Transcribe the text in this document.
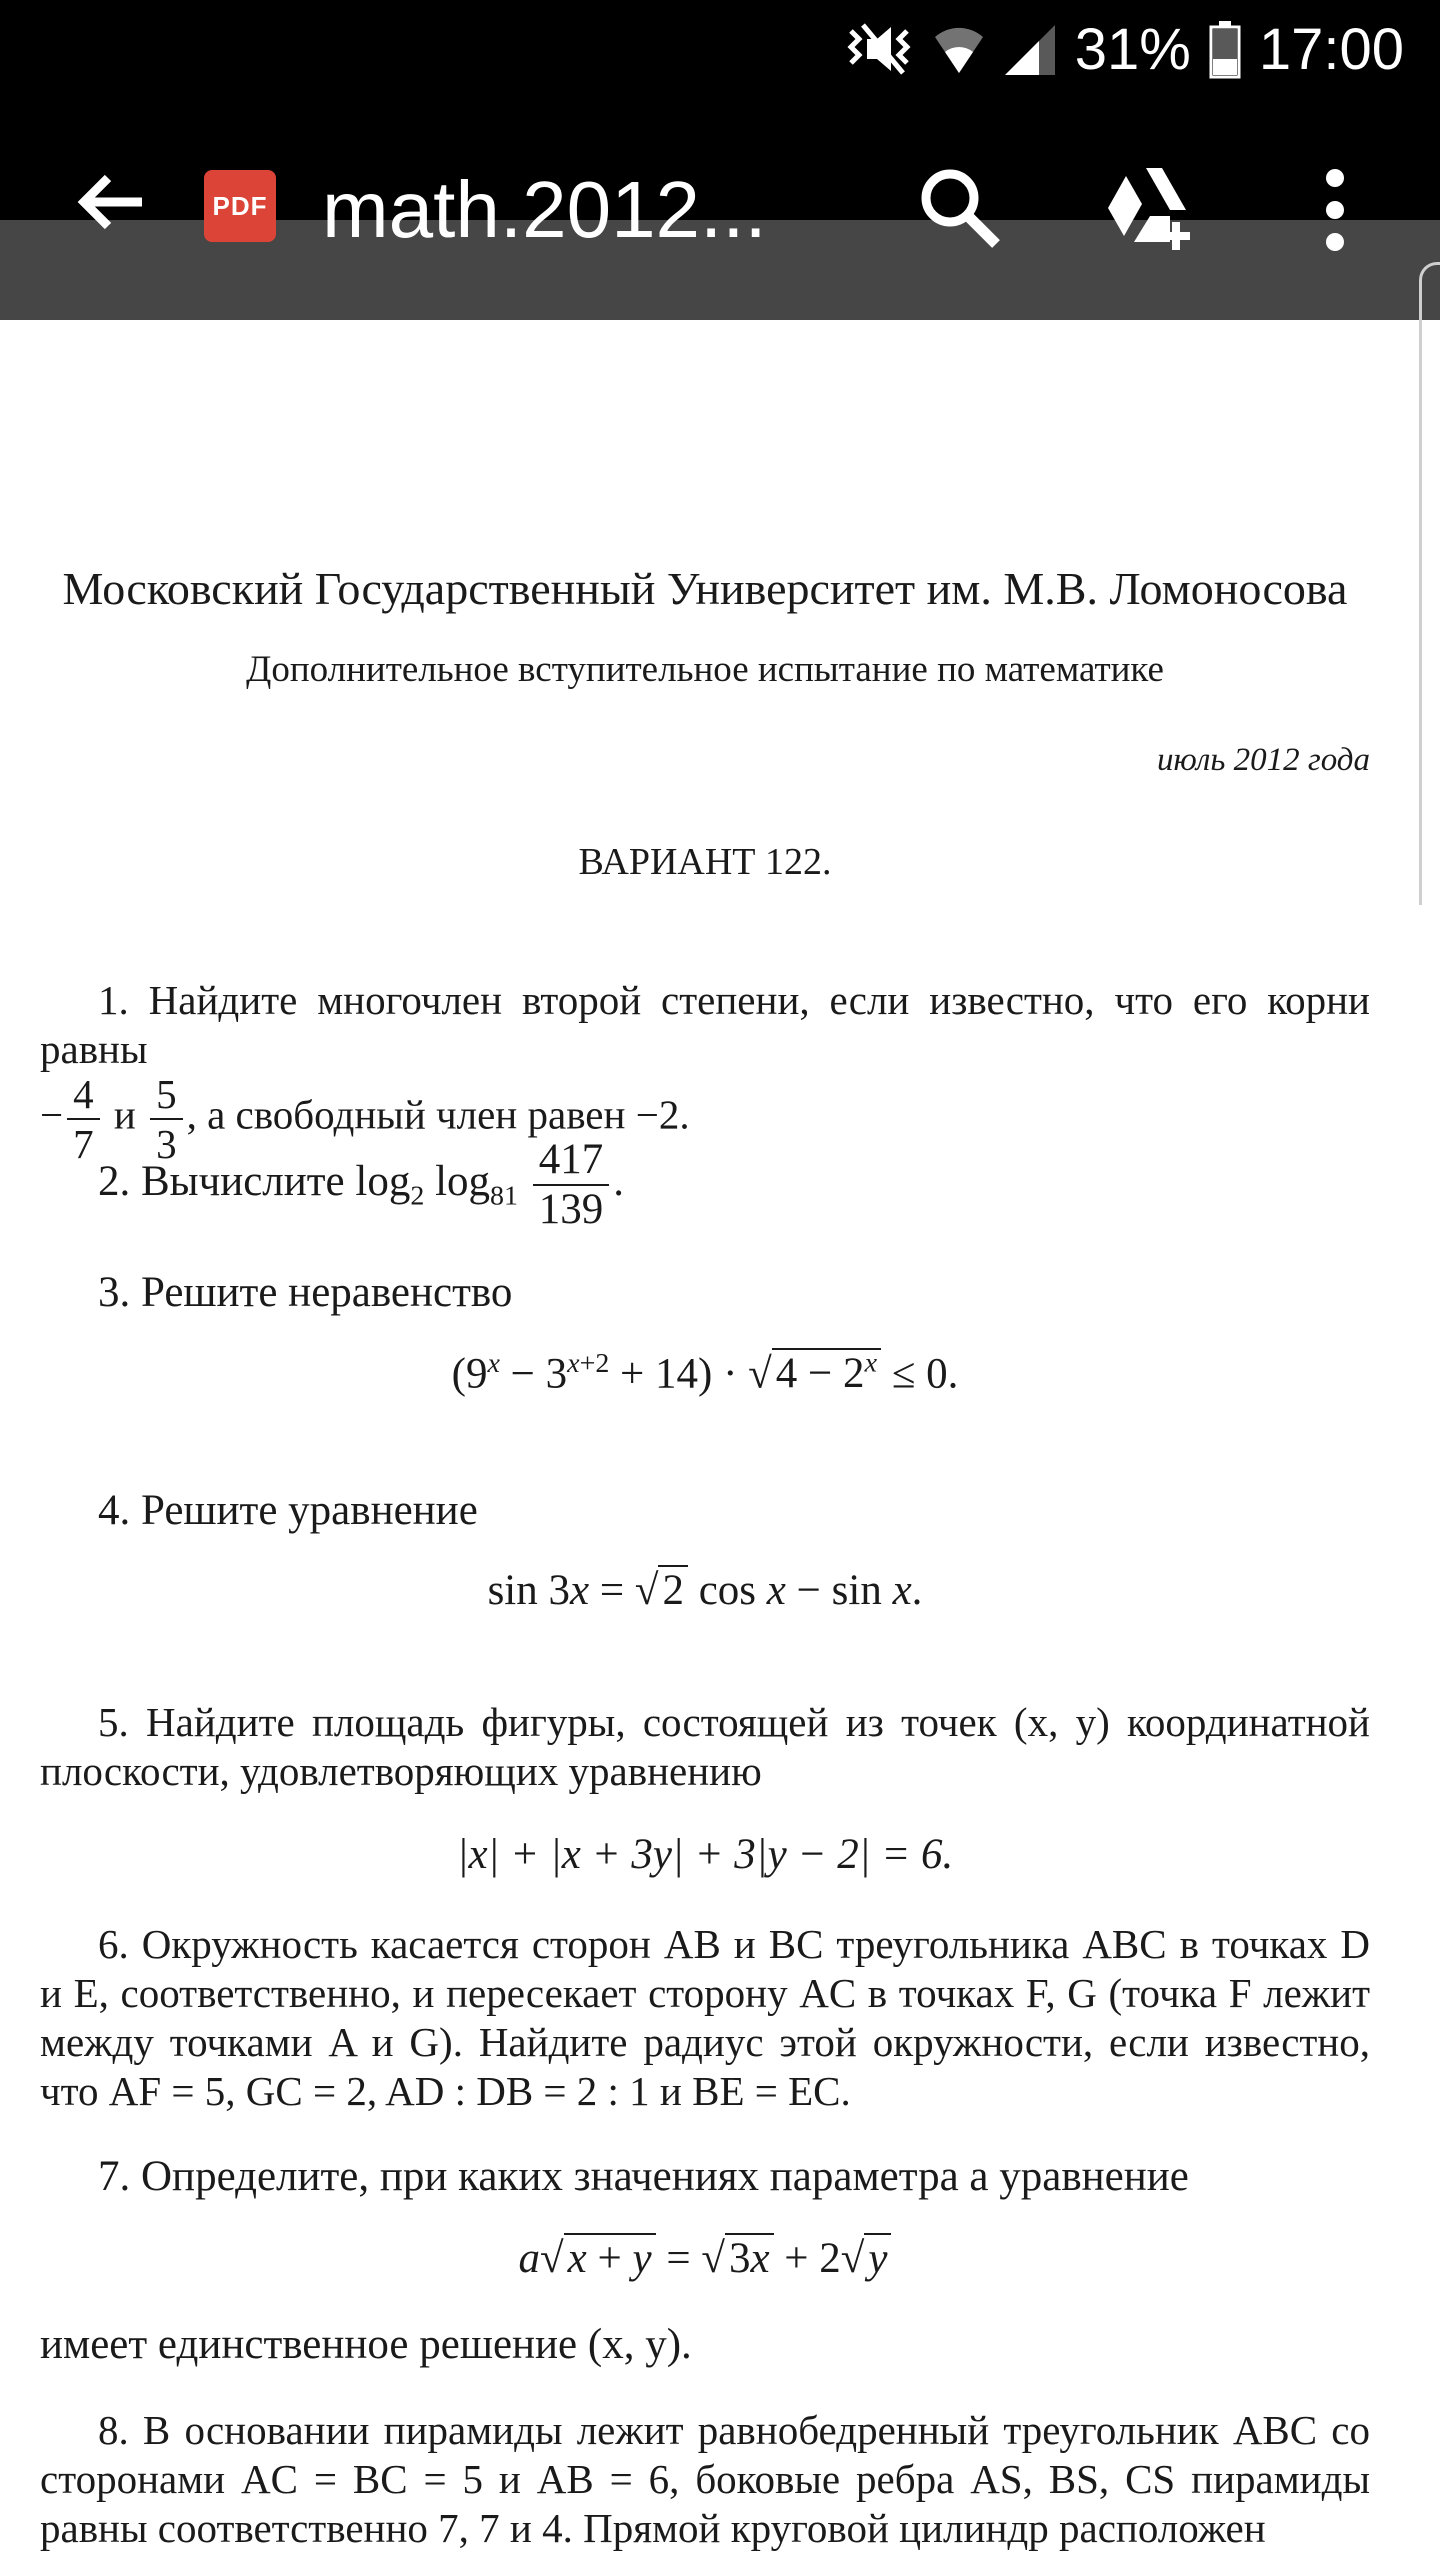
31% 17:00
PDF math.2012...
Московский Государственный Университет им. М.В. Ломоносова
Дополнительное вступительное испытание по математике
июль 2012 года
ВАРИАНТ 122.
1. Найдите многочлен второй степени, если известно, что его корни равны
− $\frac{4}{7}$ и $\frac{5}{3}$ , а свободный член равен −2.
2. Вычислите $\log_2 \log_{81} \frac{417}{139}$ .
3. Решите неравенство
$(9^x - 3^{x+2} + 14) \cdot √4 - 2^x \le 0$.
4. Решите уравнение
sin 3x = √2 cos x − sin x.
5. Найдите площадь фигуры, состоящей из точек (x, y) координатной плоскости, удовлетворяющих уравнению
|x| + |x + 3y| + 3|y − 2| = 6.
6. Окружность касается сторон AB и BC треугольника ABC в точках D и E, соответственно, и пересекает сторону AC в точках F, G (точка F лежит между точками A и G). Найдите радиус этой окружности, если известно, что AF = 5, GC = 2, AD : DB = 2 : 1 и BE = EC.
7. Определите, при каких значениях параметра a уравнение
a√x + y = √3x + 2√y
имеет единственное решение (x, y).
8. В основании пирамиды лежит равнобедренный треугольник ABC со сторонами AC = BC = 5 и AB = 6, боковые ребра AS, BS, CS пирамиды равны соответственно 7, 7 и 4. Прямой круговой цилиндр расположен
